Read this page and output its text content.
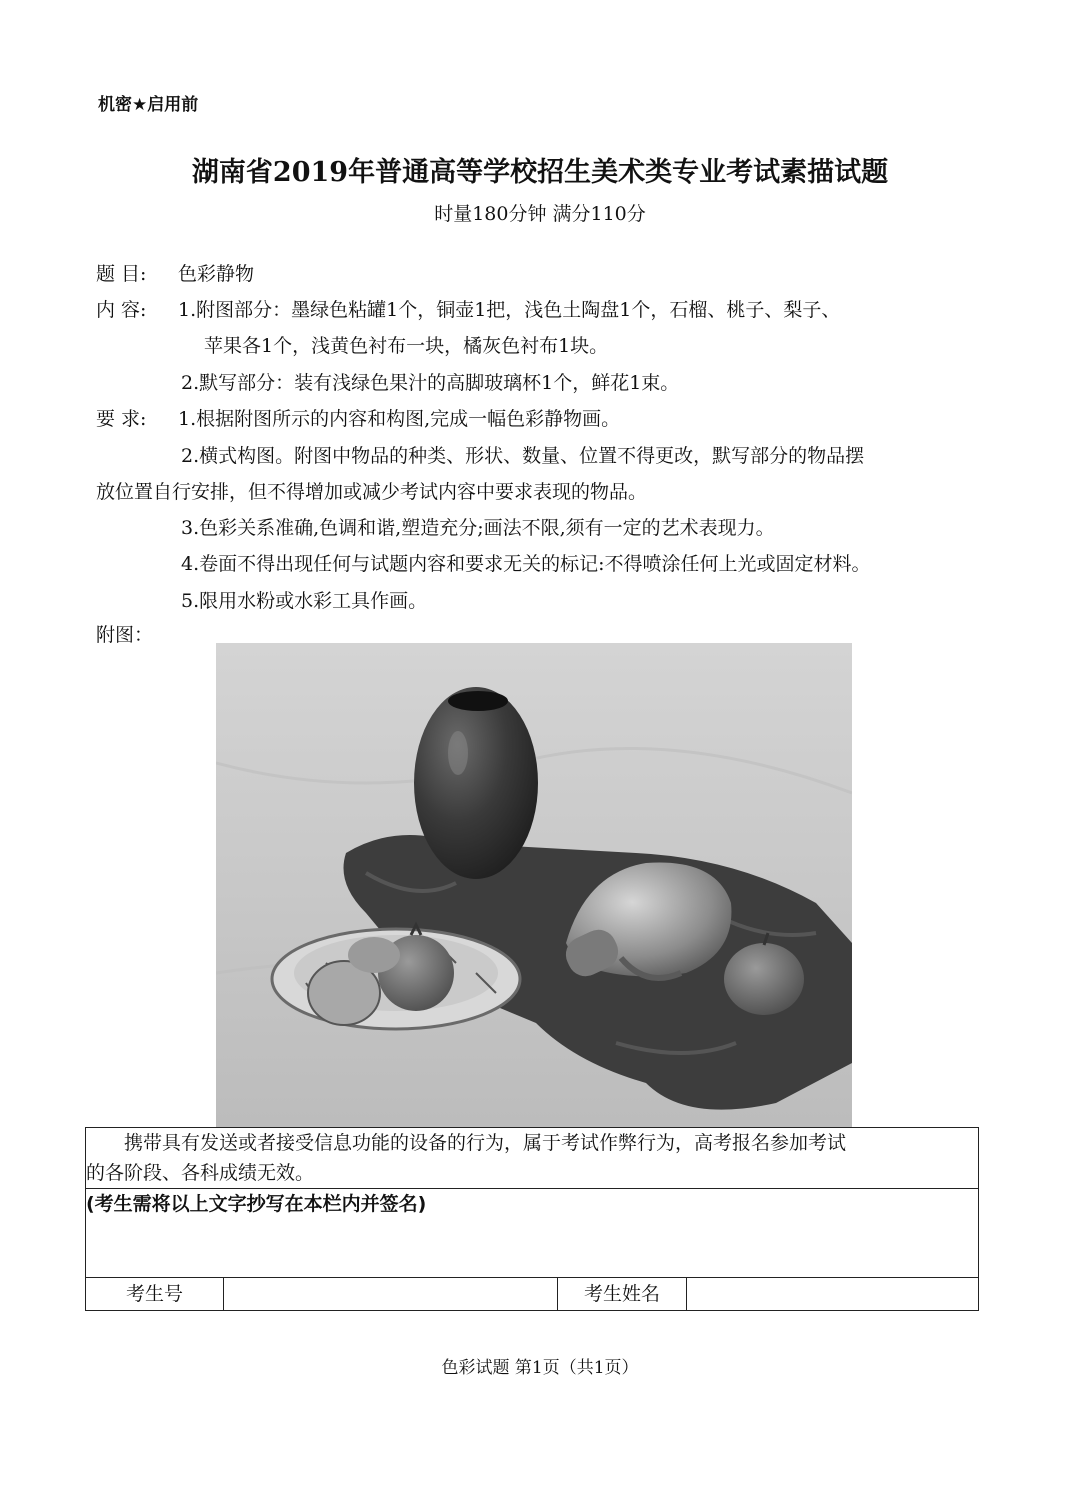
机密★启用前
湖南省2019年普通高等学校招生美术类专业考试素描试题
时量180分钟 满分110分
题 目: 色彩静物
内 容: 1.附图部分：墨绿色粘罐1个，铜壶1把，浅色土陶盘1个，石榴、桃子、梨子、
苹果各1个，浅黄色衬布一块，橘灰色衬布1块。
2.默写部分：装有浅绿色果汁的高脚玻璃杯1个，鲜花1束。
要 求: 1.根据附图所示的内容和构图,完成一幅色彩静物画。
2.横式构图。附图中物品的种类、形状、数量、位置不得更改，默写部分的物品摆
放位置自行安排，但不得增加或减少考试内容中要求表现的物品。
3.色彩关系准确,色调和谐,塑造充分;画法不限,须有一定的艺术表现力。
4.卷面不得出现任何与试题内容和要求无关的标记:不得喷涂任何上光或固定材料。
5.限用水粉或水彩工具作画。
附图：
携带具有发送或者接受信息功能的设备的行为，属于考试作弊行为，高考报名参加考试
的各阶段、各科成绩无效。

(考生需将以上文字抄写在本栏内并签名)
考生号		考生姓名	
色彩试题 第1页（共1页）
